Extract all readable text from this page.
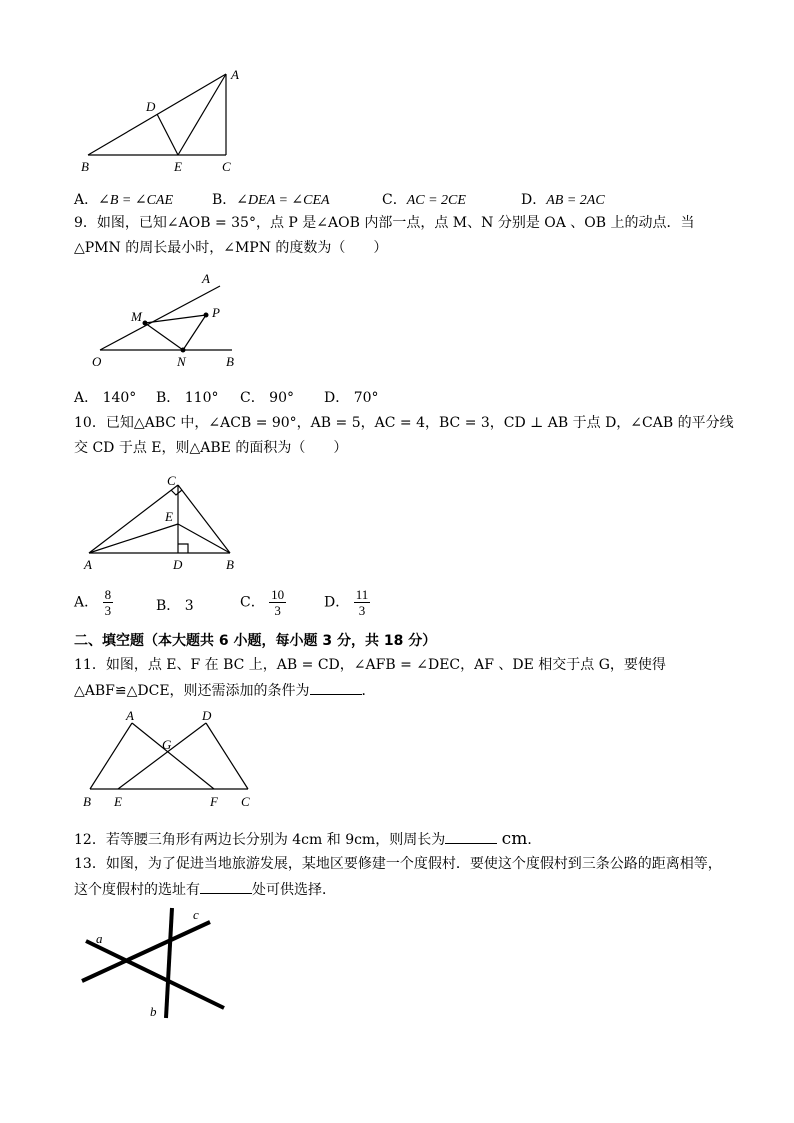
A
D
B	E	C
A．∠B = ∠CAE	B．∠DEA = ∠CEA	C．AC = 2CE	D．AB = 2AC
9．如图，已知∠AOB = 35°，点 P 是∠AOB 内部一点，点 M、N 分别是 OA 、OB 上的动点．当
△PMN 的周长最小时，∠MPN 的度数为（　　）
A
M	P
O	N	B
A． 140° B． 110° C． 90° D． 70°
10．已知△ABC 中，∠ACB = 90°，AB = 5，AC = 4，BC = 3，CD ⊥ AB 于点 D，∠CAB 的平分线
交 CD 于点 E，则△ABE 的面积为（　　）
C
E
A	D	B
A． $\frac{8}{3}$	B． 3	C． $\frac{10}{3}$	D． $\frac{11}{3}$
二、填空题（本大题共 6 小题，每小题 3 分，共 18 分）
11．如图，点 E、F 在 BC 上，AB = CD，∠AFB = ∠DEC，AF 、DE 相交于点 G，要使得
△ABF≌△DCE，则还需添加的条件为	．
A	D
G
B E	F C
12．若等腰三角形有两边长分别为 4cm 和 9cm，则周长为	cm．
13．如图，为了促进当地旅游发展，某地区要修建一个度假村．要使这个度假村到三条公路的距离相等，
这个度假村的选址有	处可供选择．
a
b
c
